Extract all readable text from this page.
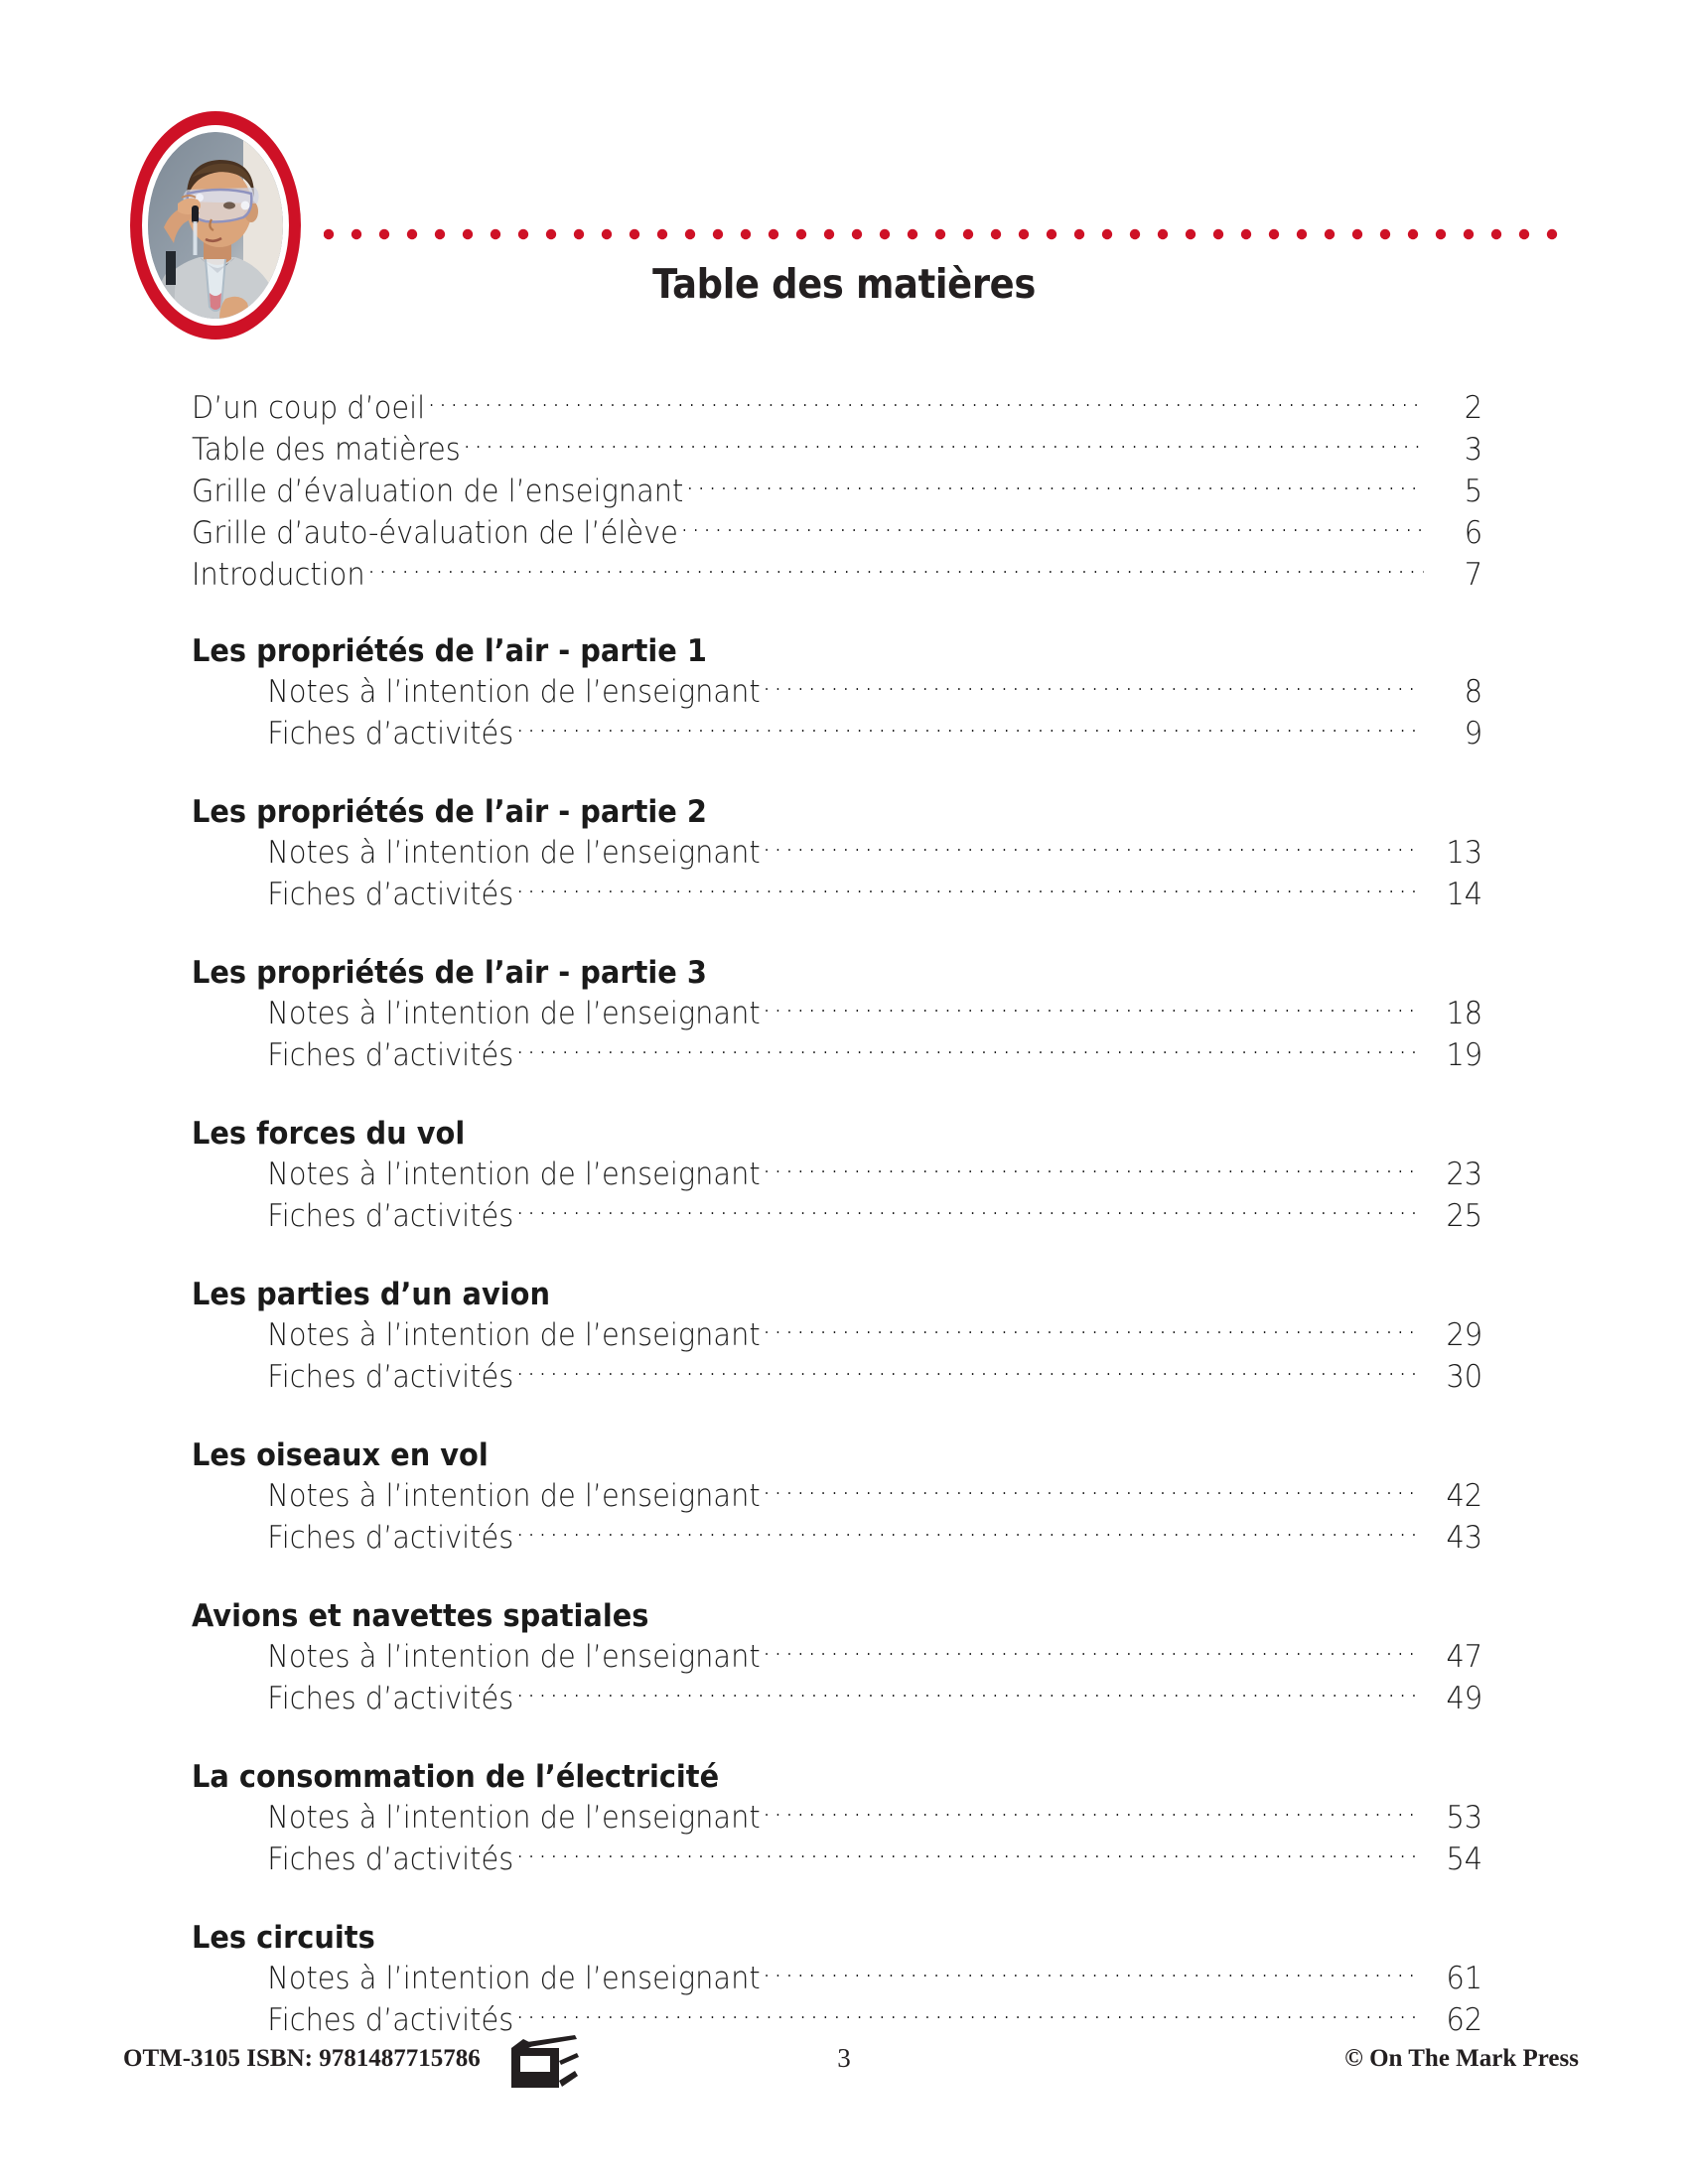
Table des matières
D’un coup d’oeil .....	2
Table des matières .....	3
Grille d’évaluation de l’enseignant .....	5
Grille d’auto-évaluation de l’élève .....	6
Introduction .....	7
Les propriétés de l’air - partie 1
Notes à l’intention de l’enseignant .....	8
Fiches d’activités .....	9
Les propriétés de l’air - partie 2
Notes à l’intention de l’enseignant .....	13
Fiches d’activités .....	14
Les propriétés de l’air - partie 3
Notes à l’intention de l’enseignant .....	18
Fiches d’activités .....	19
Les forces du vol
Notes à l’intention de l’enseignant .....	23
Fiches d’activités .....	25
Les parties d’un avion
Notes à l’intention de l’enseignant .....	29
Fiches d’activités .....	30
Les oiseaux en vol
Notes à l’intention de l’enseignant .....	42
Fiches d’activités .....	43
Avions et navettes spatiales
Notes à l’intention de l’enseignant .....	47
Fiches d’activités .....	49
La consommation de l’électricité
Notes à l’intention de l’enseignant .....	53
Fiches d’activités .....	54
Les circuits
Notes à l’intention de l’enseignant .....	61
Fiches d’activités .....	62
OTM-3105 ISBN: 9781487715786	3	© On The Mark Press
